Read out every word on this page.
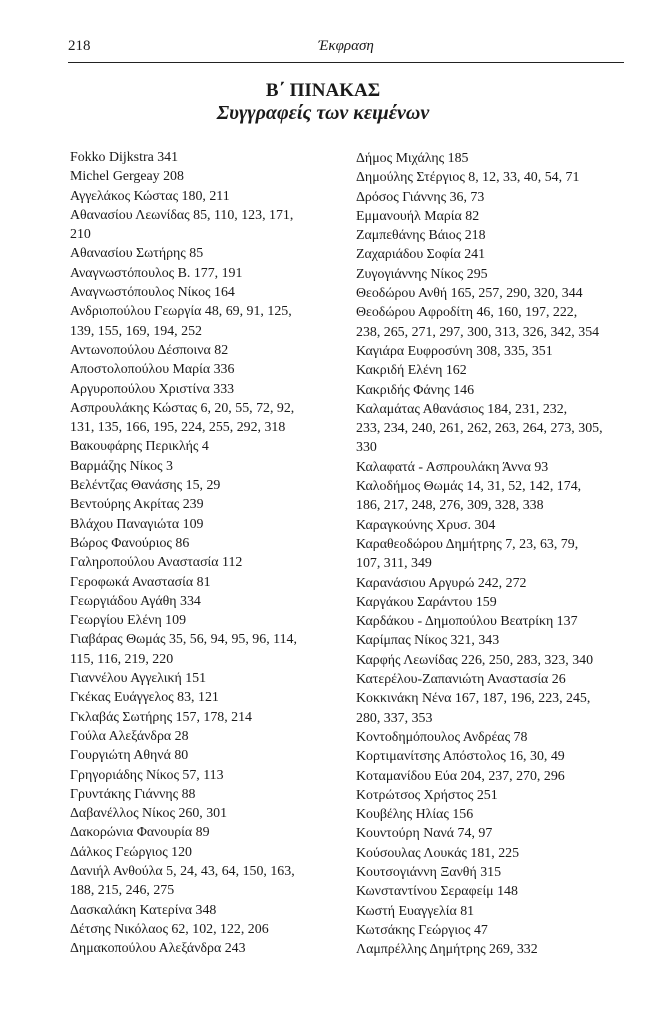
218	Έκφραση
Β΄ ΠΙΝΑΚΑΣ
Συγγραφείς των κειμένων
Fokko Dijkstra 341
Michel Gergeay 208
Αγγελάκος Κώστας 180, 211
Αθανασίου Λεωνίδας 85, 110, 123, 171,
210
Αθανασίου Σωτήρης 85
Αναγνωστόπουλος Β. 177, 191
Αναγνωστόπουλος Νίκος 164
Ανδριοπούλου Γεωργία 48, 69, 91, 125,
139, 155, 169, 194, 252
Αντωνοπούλου Δέσποινα 82
Αποστολοπούλου Μαρία 336
Αργυροπούλου Χριστίνα 333
Ασπρουλάκης Κώστας 6, 20, 55, 72, 92,
131, 135, 166, 195, 224, 255, 292, 318
Βακουφάρης Περικλής 4
Βαρμάζης Νίκος 3
Βελέντζας Θανάσης 15, 29
Βεντούρης Ακρίτας 239
Βλάχου Παναγιώτα 109
Βώρος Φανούριος 86
Γαληροπούλου Αναστασία 112
Γεροφωκά Αναστασία 81
Γεωργιάδου Αγάθη 334
Γεωργίου Ελένη 109
Γιαβάρας Θωμάς 35, 56, 94, 95, 96, 114,
115, 116, 219, 220
Γιαννέλου Αγγελική 151
Γκέκας Ευάγγελος 83, 121
Γκλαβάς Σωτήρης 157, 178, 214
Γούλα Αλεξάνδρα 28
Γουργιώτη Αθηνά 80
Γρηγοριάδης Νίκος 57, 113
Γρυντάκης Γιάννης 88
Δαβανέλλος Νίκος 260, 301
Δακορώνια Φανουρία 89
Δάλκος Γεώργιος 120
Δανιήλ Ανθούλα 5, 24, 43, 64, 150, 163,
188, 215, 246, 275
Δασκαλάκη Κατερίνα 348
Δέτσης Νικόλαος 62, 102, 122, 206
Δημακοπούλου Αλεξάνδρα 243
Δήμος Μιχάλης 185
Δημούλης Στέργιος 8, 12, 33, 40, 54, 71
Δρόσος Γιάννης 36, 73
Εμμανουήλ Μαρία 82
Ζαμπεθάνης Βάιος 218
Ζαχαριάδου Σοφία 241
Ζυγογιάννης Νίκος 295
Θεοδώρου Ανθή 165, 257, 290, 320, 344
Θεοδώρου Αφροδίτη 46, 160, 197, 222,
238, 265, 271, 297, 300, 313, 326, 342, 354
Καγιάρα Ευφροσύνη 308, 335, 351
Κακριδή Ελένη 162
Κακριδής Φάνης 146
Καλαμάτας Αθανάσιος 184, 231, 232,
233, 234, 240, 261, 262, 263, 264, 273, 305,
330
Καλαφατά - Ασπρουλάκη Άννα 93
Καλοδήμος Θωμάς 14, 31, 52, 142, 174,
186, 217, 248, 276, 309, 328, 338
Καραγκούνης Χρυσ. 304
Καραθεοδώρου Δημήτρης 7, 23, 63, 79,
107, 311, 349
Καρανάσιου Αργυρώ 242, 272
Καργάκου Σαράντου 159
Καρδάκου - Δημοπούλου Βεατρίκη 137
Καρίμπας Νίκος 321, 343
Καρφής Λεωνίδας 226, 250, 283, 323, 340
Κατερέλου-Ζαπανιώτη Αναστασία 26
Κοκκινάκη Νένα 167, 187, 196, 223, 245,
280, 337, 353
Κοντοδημόπουλος Ανδρέας 78
Κορτιμανίτσης Απόστολος 16, 30, 49
Κοταμανίδου Εύα 204, 237, 270, 296
Κοτρώτσος Χρήστος 251
Κουβέλης Ηλίας 156
Κουντούρη Νανά 74, 97
Κούσουλας Λουκάς 181, 225
Κουτσογιάννη Ξανθή 315
Κωνσταντίνου Σεραφείμ 148
Κωστή Ευαγγελία 81
Κωτσάκης Γεώργιος 47
Λαμπρέλλης Δημήτρης 269, 332
